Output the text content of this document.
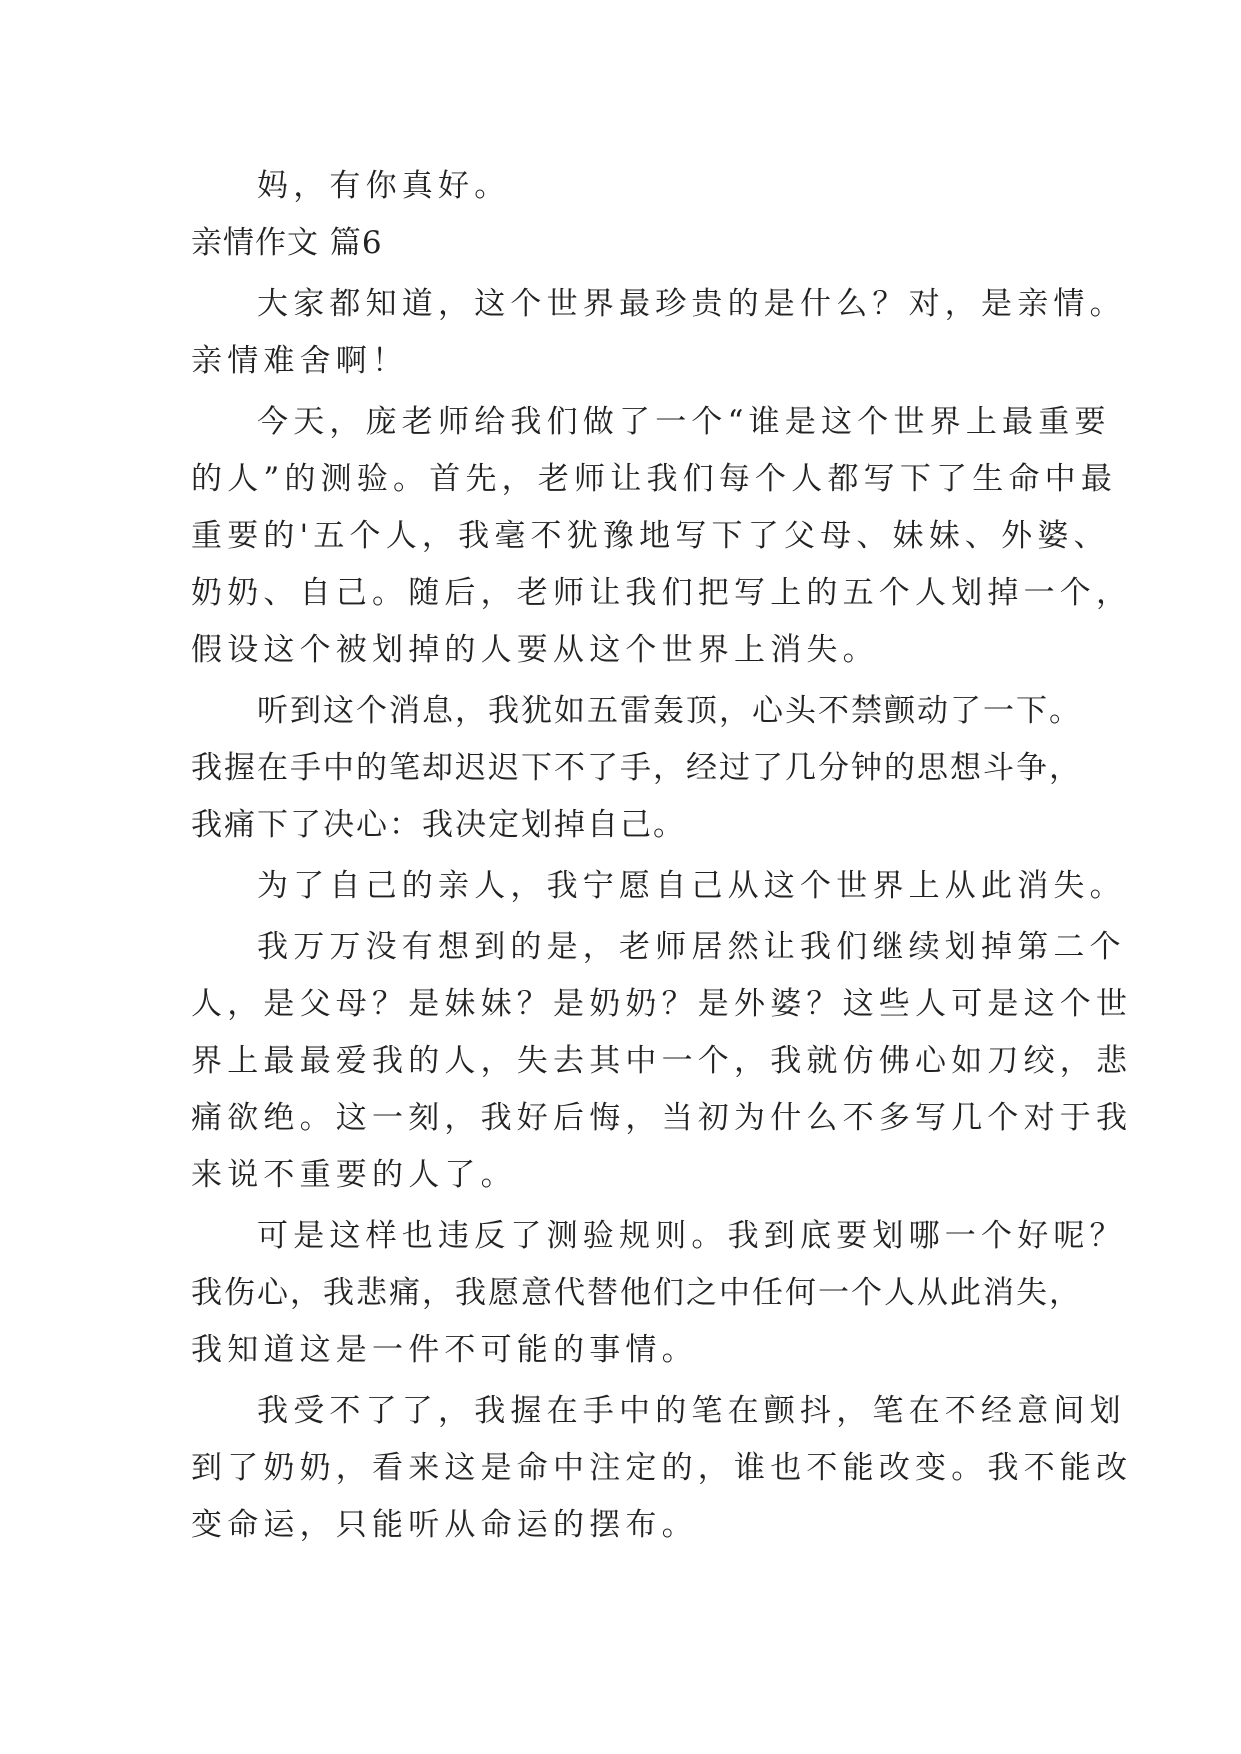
妈，有你真好。
亲情作文 篇6
大家都知道，这个世界最珍贵的是什么？对，是亲情。
亲情难舍啊！
今天，庞老师给我们做了一个“谁是这个世界上最重要
的人”的测验。首先，老师让我们每个人都写下了生命中最
重要的'五个人，我毫不犹豫地写下了父母、妹妹、外婆、
奶奶、自己。随后，老师让我们把写上的五个人划掉一个，
假设这个被划掉的人要从这个世界上消失。
听到这个消息，我犹如五雷轰顶，心头不禁颤动了一下。
我握在手中的笔却迟迟下不了手，经过了几分钟的思想斗争，
我痛下了决心：我决定划掉自己。
为了自己的亲人，我宁愿自己从这个世界上从此消失。
我万万没有想到的是，老师居然让我们继续划掉第二个
人，是父母？是妹妹？是奶奶？是外婆？这些人可是这个世
界上最最爱我的人，失去其中一个，我就仿佛心如刀绞，悲
痛欲绝。这一刻，我好后悔，当初为什么不多写几个对于我
来说不重要的人了。
可是这样也违反了测验规则。我到底要划哪一个好呢？
我伤心，我悲痛，我愿意代替他们之中任何一个人从此消失，
我知道这是一件不可能的事情。
我受不了了，我握在手中的笔在颤抖，笔在不经意间划
到了奶奶，看来这是命中注定的，谁也不能改变。我不能改
变命运，只能听从命运的摆布。
